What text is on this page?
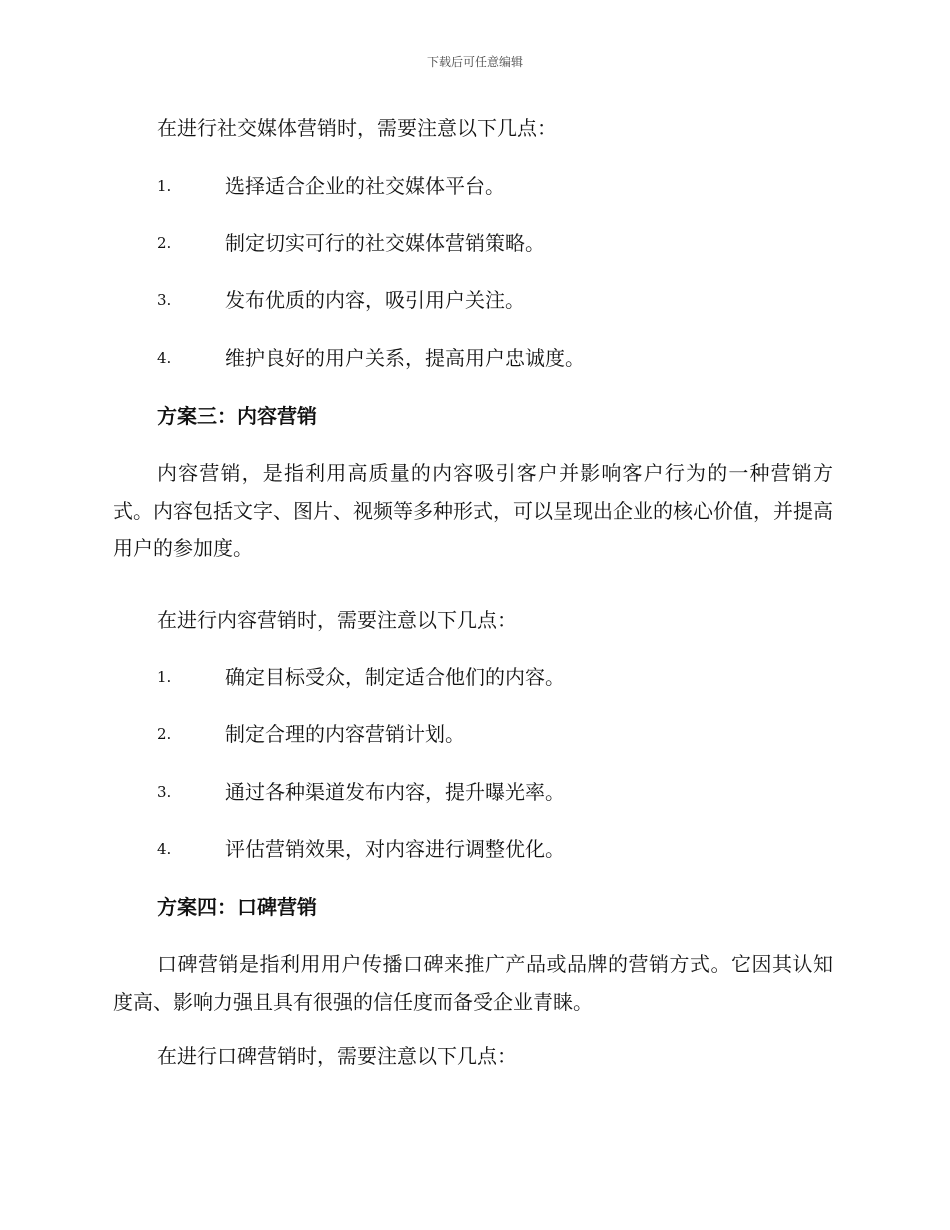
下载后可任意编辑
在进行社交媒体营销时，需要注意以下几点：
1.	选择适合企业的社交媒体平台。
2.	制定切实可行的社交媒体营销策略。
3.	发布优质的内容，吸引用户关注。
4.	维护良好的用户关系，提高用户忠诚度。
方案三：内容营销
内容营销，是指利用高质量的内容吸引客户并影响客户行为的一种营销方式。内容包括文字、图片、视频等多种形式，可以呈现出企业的核心价值，并提高用户的参加度。
在进行内容营销时，需要注意以下几点：
1.	确定目标受众，制定适合他们的内容。
2.	制定合理的内容营销计划。
3.	通过各种渠道发布内容，提升曝光率。
4.	评估营销效果，对内容进行调整优化。
方案四：口碑营销
口碑营销是指利用用户传播口碑来推广产品或品牌的营销方式。它因其认知度高、影响力强且具有很强的信任度而备受企业青睐。
在进行口碑营销时，需要注意以下几点：
